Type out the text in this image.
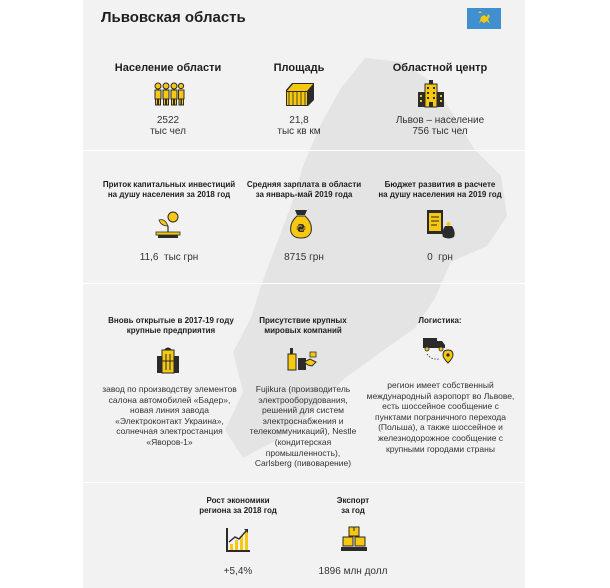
Львовская область
Население области
2522
тыс чел
Площадь
21,8
тыс кв км
Областной центр
Львов – население
756 тыс чел
Приток капитальных инвестиций
на душу населения за 2018 год
11,6  тыс грн
Средняя зарплата в области
за январь-май 2019 года
₴
8715 грн
Бюджет развития в расчете
на душу населения на 2019 год
0  грн
Вновь открытые в 2017-19 году
крупные предприятия
завод по производству элементов
салона автомобилей «Бадер»,
новая линия завода
«Электроконтакт Украина»,
солнечная электростанция
«Яворов-1»
Присутствие крупных
мировых компаний
Fujikura (производитель
электрооборудования,
решений для систем
электроснабжения и
телекоммуникаций), Nestle
(кондитерская
промышленность),
Carlsberg (пивоварение)
Логистика:
регион имеет собственный
международный аэропорт во Львове,
есть шоссейное сообщение с
пунктами пограничного перехода
(Польша), а также шоссейное и
железнодорожное сообщение с
крупными городами страны
Рост экономики
региона за 2018 год
+5,4%
Экспорт
за год
1896 млн долл
